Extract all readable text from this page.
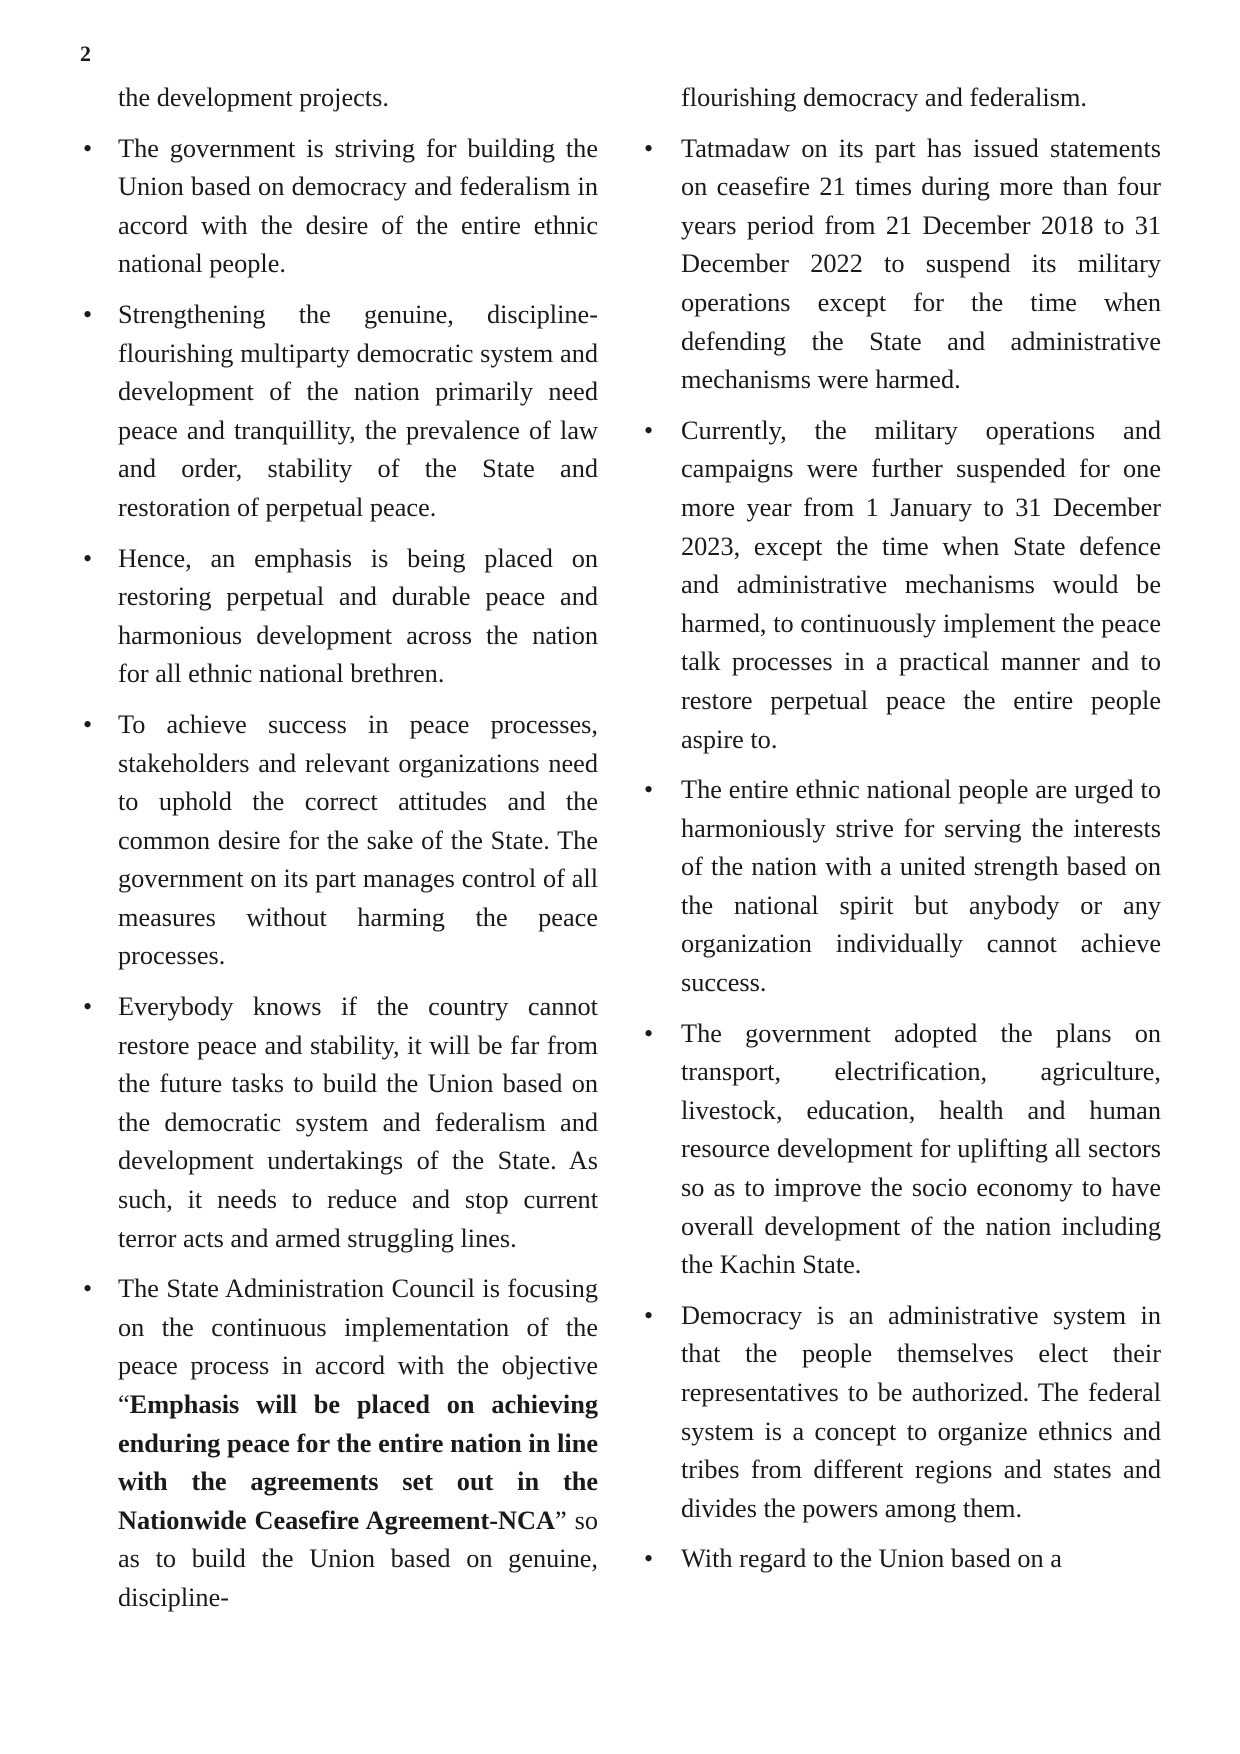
2

the development projects.

• The government is striving for building the Union based on democracy and federalism in accord with the desire of the entire ethnic national people.

• Strengthening the genuine, discipline-flourishing multiparty democratic system and development of the nation primarily need peace and tranquillity, the prevalence of law and order, stability of the State and restoration of perpetual peace.

• Hence, an emphasis is being placed on restoring perpetual and durable peace and harmonious development across the nation for all ethnic national brethren.

• To achieve success in peace processes, stakeholders and relevant organizations need to uphold the correct attitudes and the common desire for the sake of the State. The government on its part manages control of all measures without harming the peace processes.

• Everybody knows if the country cannot restore peace and stability, it will be far from the future tasks to build the Union based on the democratic system and federalism and development undertakings of the State. As such, it needs to reduce and stop current terror acts and armed struggling lines.

• The State Administration Council is focusing on the continuous implementation of the peace process in accord with the objective “Emphasis will be placed on achieving enduring peace for the entire nation in line with the agreements set out in the Nationwide Ceasefire Agreement-NCA” so as to build the Union based on genuine, discipline-

flourishing democracy and federalism.

• Tatmadaw on its part has issued statements on ceasefire 21 times during more than four years period from 21 December 2018 to 31 December 2022 to suspend its military operations except for the time when defending the State and administrative mechanisms were harmed.

• Currently, the military operations and campaigns were further suspended for one more year from 1 January to 31 December 2023, except the time when State defence and administrative mechanisms would be harmed, to continuously implement the peace talk processes in a practical manner and to restore perpetual peace the entire people aspire to.

• The entire ethnic national people are urged to harmoniously strive for serving the interests of the nation with a united strength based on the national spirit but anybody or any organization individually cannot achieve success.

• The government adopted the plans on transport, electrification, agriculture, livestock, education, health and human resource development for uplifting all sectors so as to improve the socio economy to have overall development of the nation including the Kachin State.

• Democracy is an administrative system in that the people themselves elect their representatives to be authorized. The federal system is a concept to organize ethnics and tribes from different regions and states and divides the powers among them.

• With regard to the Union based on a
